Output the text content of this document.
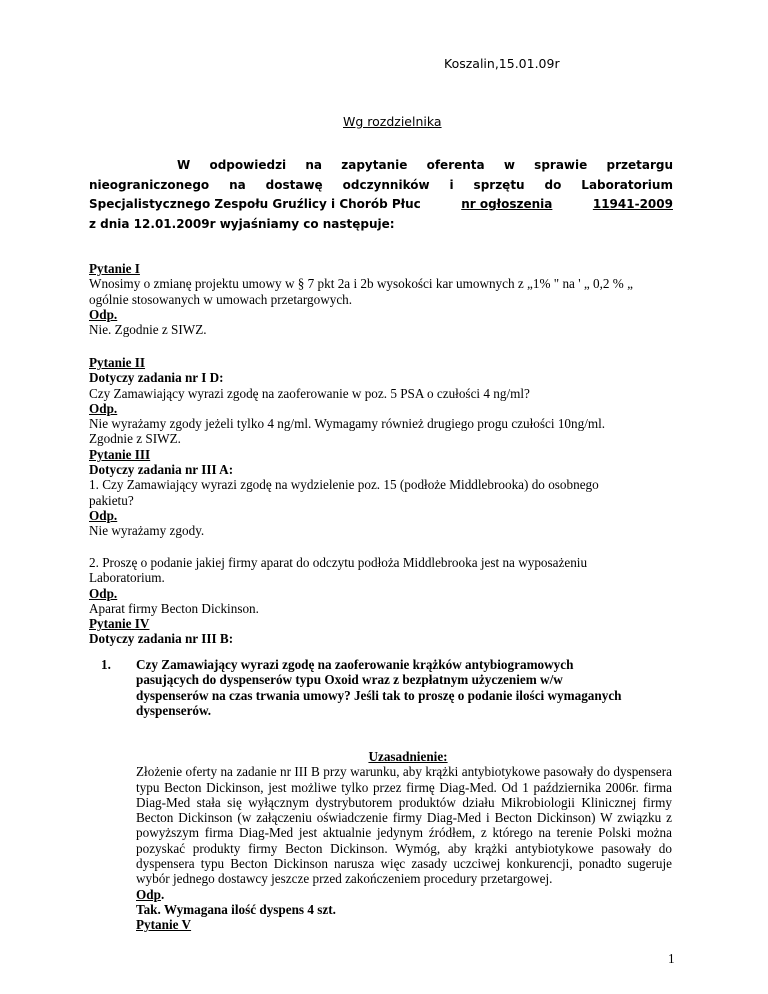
Koszalin,15.01.09r
Wg rozdzielnika
W odpowiedzi na zapytanie oferenta w sprawie przetargu
nieograniczonego na dostawę odczynników i sprzętu do Laboratorium
Specjalistycznego Zespołu Gruźlicy i Chorób Płuc	nr ogłoszenia	11941-2009
z dnia 12.01.2009r wyjaśniamy co następuje:
Pytanie I
Wnosimy o zmianę projektu umowy w § 7 pkt 2a i 2b wysokości kar umownych z „1% " na ' „ 0,2 % „
ogólnie stosowanych w umowach przetargowych.
Odp.
Nie. Zgodnie z SIWZ.
Pytanie II
Dotyczy zadania nr I D:
Czy Zamawiający wyrazi zgodę na zaoferowanie w poz. 5 PSA o czułości 4 ng/ml?
Odp.
Nie wyrażamy zgody jeżeli tylko 4 ng/ml. Wymagamy również drugiego progu czułości 10ng/ml.
Zgodnie z SIWZ.
Pytanie III
Dotyczy zadania nr III A:
1. Czy Zamawiający wyrazi zgodę na wydzielenie poz. 15 (podłoże Middlebrooka) do osobnego
pakietu?
Odp.
Nie wyrażamy zgody.
2. Proszę o podanie jakiej firmy aparat do odczytu podłoża Middlebrooka jest na wyposażeniu
Laboratorium.
Odp.
Aparat firmy Becton Dickinson.
Pytanie IV
Dotyczy zadania nr III B:
1. Czy Zamawiający wyrazi zgodę na zaoferowanie krążków antybiogramowych
pasujących do dyspenserów typu Oxoid wraz z bezpłatnym użyczeniem w/w
dyspenserów na czas trwania umowy? Jeśli tak to proszę o podanie ilości wymaganych
dyspenserów.
Uzasadnienie:
Złożenie oferty na zadanie nr III B przy warunku, aby krążki antybiotykowe pasowały do dyspensera typu Becton Dickinson, jest możliwe tylko przez firmę Diag-Med. Od 1 października 2006r. firma Diag-Med stała się wyłącznym dystrybutorem produktów działu Mikrobiologii Klinicznej firmy Becton Dickinson (w załączeniu oświadczenie firmy Diag-Med i Becton Dickinson) W związku z powyższym firma Diag-Med jest aktualnie jedynym źródłem, z którego na terenie Polski można pozyskać produkty firmy Becton Dickinson. Wymóg, aby krążki antybiotykowe pasowały do dyspensera typu Becton Dickinson narusza więc zasady uczciwej konkurencji, ponadto sugeruje wybór jednego dostawcy jeszcze przed zakończeniem procedury przetargowej.
Odp.
Tak. Wymagana ilość dyspens 4 szt.
Pytanie V
1
